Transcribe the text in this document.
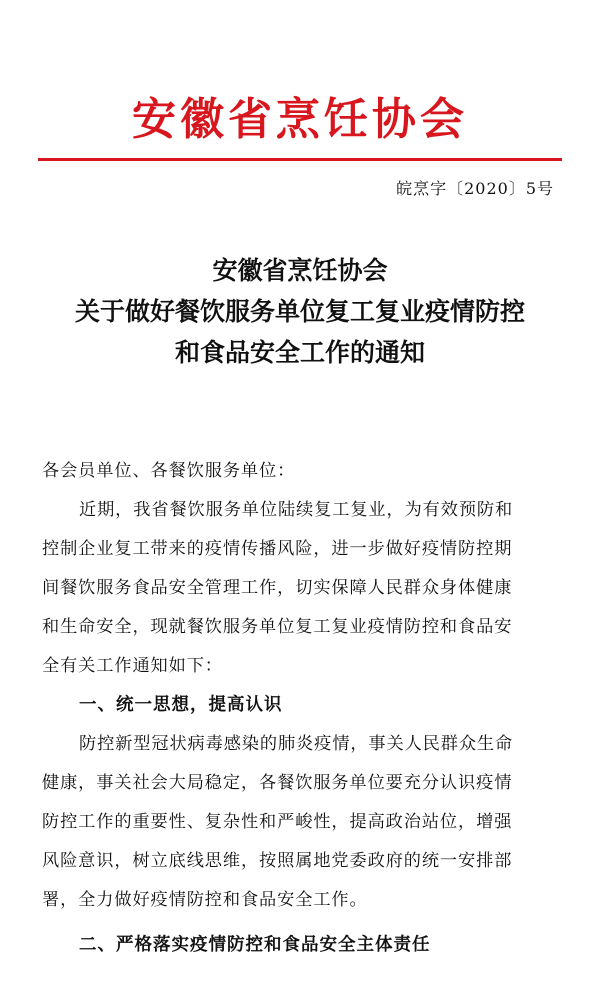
安徽省烹饪协会
皖烹字〔2020〕5号
安徽省烹饪协会
关于做好餐饮服务单位复工复业疫情防控
和食品安全工作的通知
各会员单位、各餐饮服务单位：
近期，我省餐饮服务单位陆续复工复业，为有效预防和
控制企业复工带来的疫情传播风险，进一步做好疫情防控期
间餐饮服务食品安全管理工作，切实保障人民群众身体健康
和生命安全，现就餐饮服务单位复工复业疫情防控和食品安
全有关工作通知如下：
一、统一思想，提高认识
防控新型冠状病毒感染的肺炎疫情，事关人民群众生命
健康，事关社会大局稳定，各餐饮服务单位要充分认识疫情
防控工作的重要性、复杂性和严峻性，提高政治站位，增强
风险意识，树立底线思维，按照属地党委政府的统一安排部
署，全力做好疫情防控和食品安全工作。
二、严格落实疫情防控和食品安全主体责任
